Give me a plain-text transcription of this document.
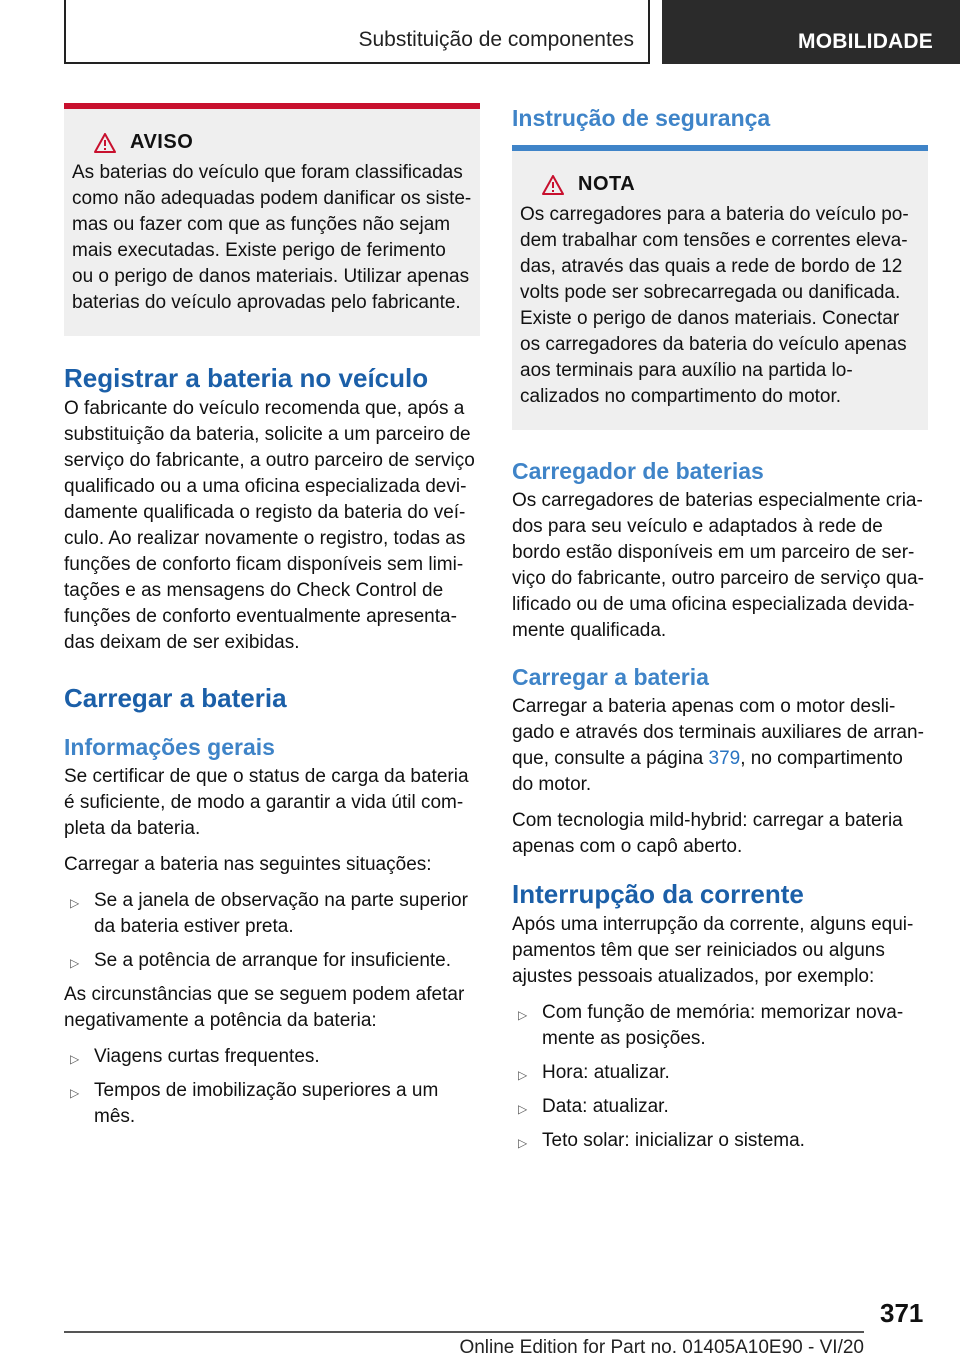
Substituição de componentes	MOBILIDADE
AVISO

As baterias do veículo que foram classificadas como não adequadas podem danificar os sistemas ou fazer com que as funções não sejam mais executadas. Existe perigo de ferimento ou o perigo de danos materiais. Utilizar apenas baterias do veículo aprovadas pelo fabricante.

Registrar a bateria no veículo

O fabricante do veículo recomenda que, após a substituição da bateria, solicite a um parceiro de serviço do fabricante, a outro parceiro de serviço qualificado ou a uma oficina especializada devidamente qualificada o registo da bateria do veículo. Ao realizar novamente o registro, todas as funções de conforto ficam disponíveis sem limitações e as mensagens do Check Control de funções de conforto eventualmente apresentadas deixam de ser exibidas.

Carregar a bateria
Informações gerais

Se certificar de que o status de carga da bateria é suficiente, de modo a garantir a vida útil completa da bateria.

Carregar a bateria nas seguintes situações:

▷ Se a janela de observação na parte superior da bateria estiver preta.
▷ Se a potência de arranque for insuficiente.

As circunstâncias que se seguem podem afetar negativamente a potência da bateria:

▷ Viagens curtas frequentes.
▷ Tempos de imobilização superiores a um mês.
Instrução de segurança
NOTA

Os carregadores para a bateria do veículo podem trabalhar com tensões e correntes elevadas, através das quais a rede de bordo de 12 volts pode ser sobrecarregada ou danificada. Existe o perigo de danos materiais. Conectar os carregadores da bateria do veículo apenas aos terminais para auxílio na partida localizados no compartimento do motor.

Carregador de baterias

Os carregadores de baterias especialmente criados para seu veículo e adaptados à rede de bordo estão disponíveis em um parceiro de serviço do fabricante, outro parceiro de serviço qualificado ou de uma oficina especializada devidamente qualificada.

Carregar a bateria

Carregar a bateria apenas com o motor desligado e através dos terminais auxiliares de arranque, consulte a página 379, no compartimento do motor.

Com tecnologia mild-hybrid: carregar a bateria apenas com o capô aberto.

Interrupção da corrente

Após uma interrupção da corrente, alguns equipamentos têm que ser reiniciados ou alguns ajustes pessoais atualizados, por exemplo:

▷ Com função de memória: memorizar novamente as posições.
▷ Hora: atualizar.
▷ Data: atualizar.
▷ Teto solar: inicializar o sistema.
371
Online Edition for Part no. 01405A10E90 - VI/20
